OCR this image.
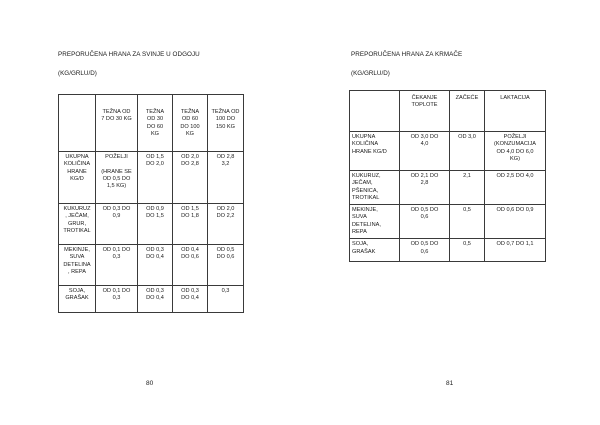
PREPORUČENA HRANA ZA SVINJE U ODGOJU
(KG/GRLU/D)
	TEŽNA OD
7 DO 30 KG	TEŽNA
OD 30
DO 60
KG	TEŽNA
OD 60
DO 100
KG	TEŽNA OD
100 DO
150 KG
UKUPNA
KOLIČINA
HRANE
KG/D	POŽELJI

(HRANE SE
OD 0,5 DO
1,5 KG)	OD 1,5
DO 2,0	OD 2,0
DO 2,8	OD 2,8
3,2
KUKURUZ
, JEČAM,
GRUR,
TROTIKAL	OD 0,3 DO
0,9	OD 0,9
DO 1,5	OD 1,5
DO 1,8	OD 2,0
DO 2,2
MEKINJE,
SUVA
DETELINA
, REPA	OD 0,1 DO
0,3	OD 0,3
DO 0,4	OD 0,4
DO 0,6	OD 0,5
DO 0,6
SOJA,
GRAŠAK	OD 0,1 DO
0,3	OD 0,3
DO 0,4	OD 0,3
DO 0,4	0,3
80
PREPORUČENA HRANA ZA KRMAČE
(KG/GRLU/D)
	ČEKANJE
TOPLOTE	ZAČEĆE	LAKTACIJA
UKUPNA
KOLIČINA
HRANE KG/D	OD 3,0 DO
4,0	OD 3,0	POŽELJI
(KONZUMACIJA
OD 4,0 DO 6,0
KG)
KUKURUZ,
JEČAM,
PŠENICA,
TROTIKAL	OD 2,1 DO
2,8	2,1	OD 2,5 DO 4,0
MEKINJE,
SUVA
DETELINA,
REPA	OD 0,5 DO
0,6	0,5	OD 0,6 DO 0,9
SOJA,
GRAŠAK	OD 0,5 DO
0,6	0,5	OD 0,7 DO 1,1
81
